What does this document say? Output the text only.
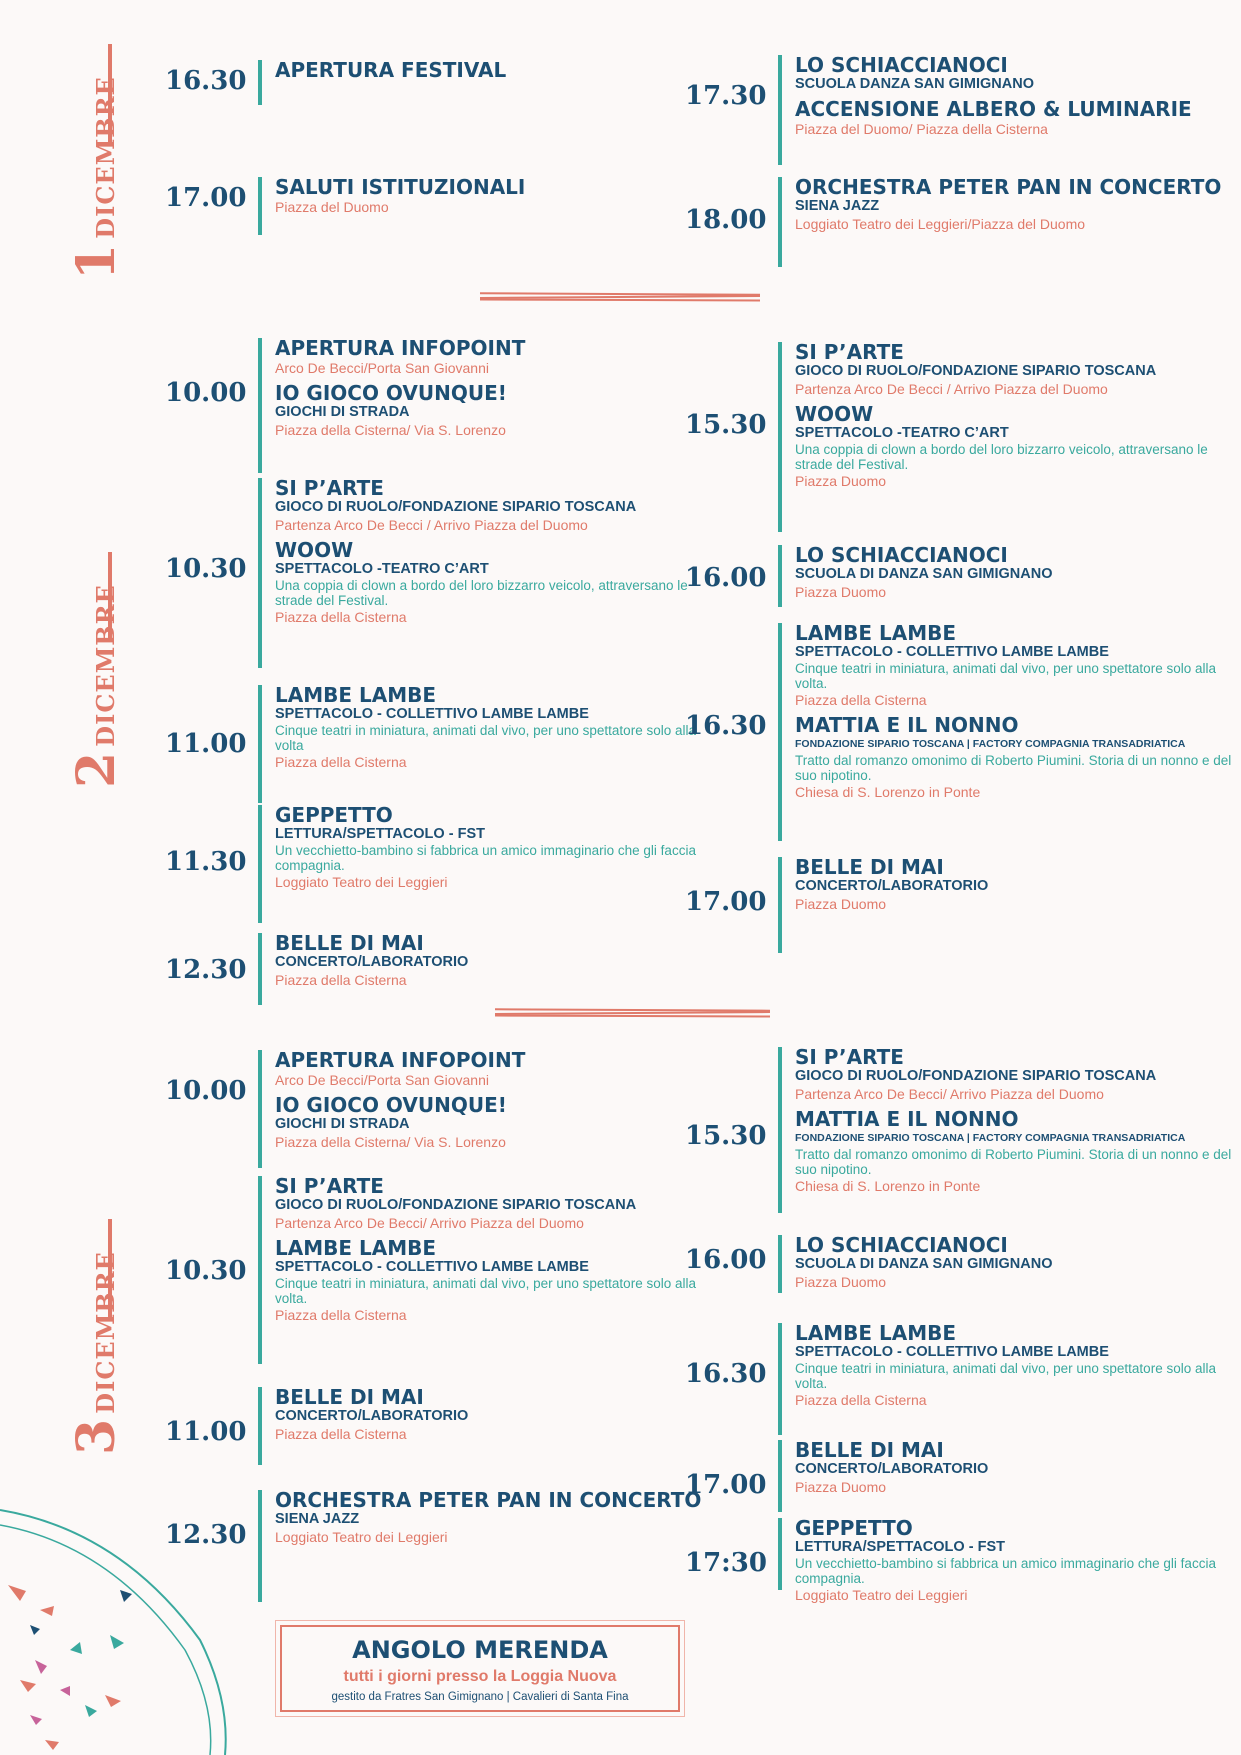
1 DICEMBRE
2 DICEMBRE
3 DICEMBRE
16.30 APERTURA FESTIVAL
17.00 SALUTI ISTITUZIONALI
Piazza del Duomo
17.30
LO SCHIACCIANOCI
SCUOLA DANZA SAN GIMIGNANO
ACCENSIONE ALBERO & LUMINARIE
Piazza del Duomo/ Piazza della Cisterna
18.00
ORCHESTRA PETER PAN IN CONCERTO
SIENA JAZZ
Loggiato Teatro dei Leggieri/Piazza del Duomo
10.00
APERTURA INFOPOINT
Arco De Becci/Porta San Giovanni
IO GIOCO OVUNQUE!
GIOCHI DI STRADA
Piazza della Cisterna/ Via S. Lorenzo
10.30
SI P’ARTE
GIOCO DI RUOLO/FONDAZIONE SIPARIO TOSCANA
Partenza Arco De Becci / Arrivo Piazza del Duomo
WOOW
SPETTACOLO -TEATRO C’ART
Una coppia di clown a bordo del loro bizzarro veicolo, attraversano le strade del Festival.
Piazza della Cisterna
11.00
LAMBE LAMBE
SPETTACOLO - COLLETTIVO LAMBE LAMBE
Cinque teatri in miniatura, animati dal vivo, per uno spettatore solo alla volta
Piazza della Cisterna
11.30
GEPPETTO
LETTURA/SPETTACOLO - FST
Un vecchietto-bambino si fabbrica un amico immaginario che gli faccia compagnia.
Loggiato Teatro dei Leggieri
12.30
BELLE DI MAI
CONCERTO/LABORATORIO
Piazza della Cisterna
15.30
SI P’ARTE
GIOCO DI RUOLO/FONDAZIONE SIPARIO TOSCANA
Partenza Arco De Becci / Arrivo Piazza del Duomo
WOOW
SPETTACOLO -TEATRO C’ART
Una coppia di clown a bordo del loro bizzarro veicolo, attraversano le strade del Festival.
Piazza Duomo
16.00
LO SCHIACCIANOCI
SCUOLA DI DANZA SAN GIMIGNANO
Piazza Duomo
16.30
LAMBE LAMBE
SPETTACOLO - COLLETTIVO LAMBE LAMBE
Cinque teatri in miniatura, animati dal vivo, per uno spettatore solo alla volta.
Piazza della Cisterna
MATTIA E IL NONNO
FONDAZIONE SIPARIO TOSCANA | FACTORY COMPAGNIA TRANSADRIATICA
Tratto dal romanzo omonimo di Roberto Piumini. Storia di un nonno e del suo nipotino.
Chiesa di S. Lorenzo in Ponte
17.00
BELLE DI MAI
CONCERTO/LABORATORIO
Piazza Duomo
10.00
APERTURA INFOPOINT
Arco De Becci/Porta San Giovanni
IO GIOCO OVUNQUE!
GIOCHI DI STRADA
Piazza della Cisterna/ Via S. Lorenzo
10.30
SI P’ARTE
GIOCO DI RUOLO/FONDAZIONE SIPARIO TOSCANA
Partenza Arco De Becci/ Arrivo Piazza del Duomo
LAMBE LAMBE
SPETTACOLO - COLLETTIVO LAMBE LAMBE
Cinque teatri in miniatura, animati dal vivo, per uno spettatore solo alla volta.
Piazza della Cisterna
11.00
BELLE DI MAI
CONCERTO/LABORATORIO
Piazza della Cisterna
12.30
ORCHESTRA PETER PAN IN CONCERTO
SIENA JAZZ
Loggiato Teatro dei Leggieri
15.30
SI P’ARTE
GIOCO DI RUOLO/FONDAZIONE SIPARIO TOSCANA
Partenza Arco De Becci/ Arrivo Piazza del Duomo
MATTIA E IL NONNO
FONDAZIONE SIPARIO TOSCANA | FACTORY COMPAGNIA TRANSADRIATICA
Tratto dal romanzo omonimo di Roberto Piumini. Storia di un nonno e del suo nipotino.
Chiesa di S. Lorenzo in Ponte
16.00 LO SCHIACCIANOCI
SCUOLA DI DANZA SAN GIMIGNANO
Piazza Duomo
16.30
LAMBE LAMBE
SPETTACOLO - COLLETTIVO LAMBE LAMBE
Cinque teatri in miniatura, animati dal vivo, per uno spettatore solo alla volta.
Piazza della Cisterna
17.00
BELLE DI MAI
CONCERTO/LABORATORIO
Piazza Duomo
17:30
GEPPETTO
LETTURA/SPETTACOLO - FST
Un vecchietto-bambino si fabbrica un amico immaginario che gli faccia compagnia.
Loggiato Teatro dei Leggieri
ANGOLO MERENDA
tutti i giorni presso la Loggia Nuova
gestito da Fratres San Gimignano | Cavalieri di Santa Fina
